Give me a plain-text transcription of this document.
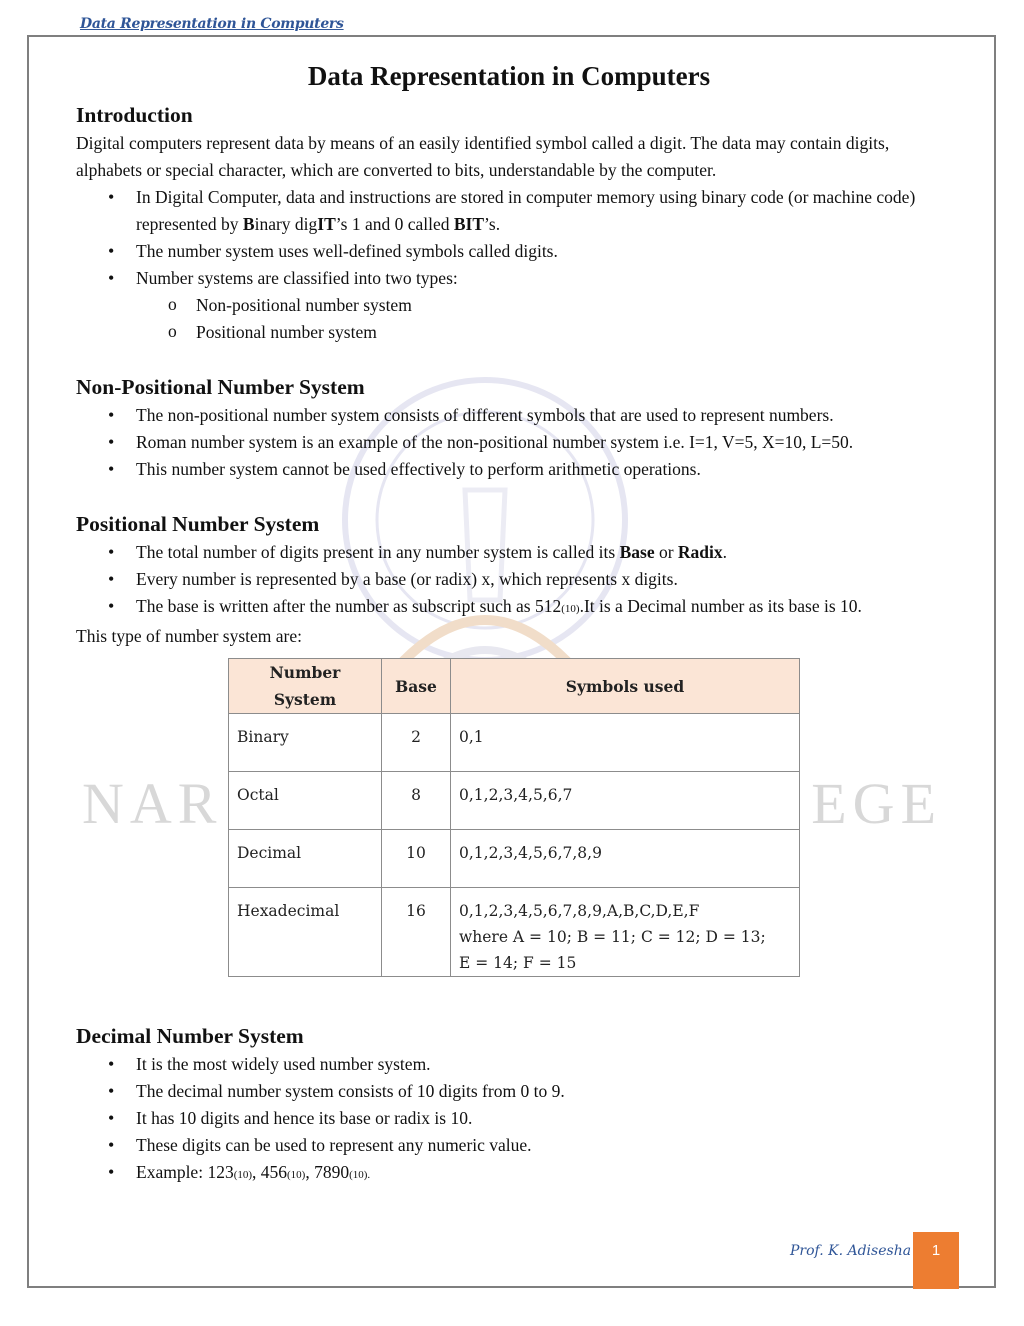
Data Representation in Computers
NAR	EGE
Data Representation in Computers
Introduction

Digital computers represent data by means of an easily identified symbol called a digit. The data may contain digits, alphabets or special character, which are converted to bits, understandable by the computer.

• In Digital Computer, data and instructions are stored in computer memory using binary code (or machine code) represented by Binary digIT’s 1 and 0 called BIT’s.
• The number system uses well-defined symbols called digits.
• Number systems are classified into two types:
o Non-positional number system
o Positional number system
Non-Positional Number System
• The non-positional number system consists of different symbols that are used to represent numbers.
• Roman number system is an example of the non-positional number system i.e. I=1, V=5, X=10, L=50.
• This number system cannot be used effectively to perform arithmetic operations.
Positional Number System
• The total number of digits present in any number system is called its Base or Radix.
• Every number is represented by a base (or radix) x, which represents x digits.
• The base is written after the number as subscript such as 512(10).It is a Decimal number as its base is 10.

This type of number system are:

Number System	Base	Symbols used
Binary	2	0,1
Octal	8	0,1,2,3,4,5,6,7
Decimal	10	0,1,2,3,4,5,6,7,8,9
Hexadecimal	16	0,1,2,3,4,5,6,7,8,9,A,B,C,D,E,F
where A = 10; B = 11; C = 12; D = 13;
E = 14; F = 15
Decimal Number System
• It is the most widely used number system.
• The decimal number system consists of 10 digits from 0 to 9.
• It has 10 digits and hence its base or radix is 10.
• These digits can be used to represent any numeric value.
• Example: 123(10), 456(10), 7890(10).
Prof. K. Adisesha	1
